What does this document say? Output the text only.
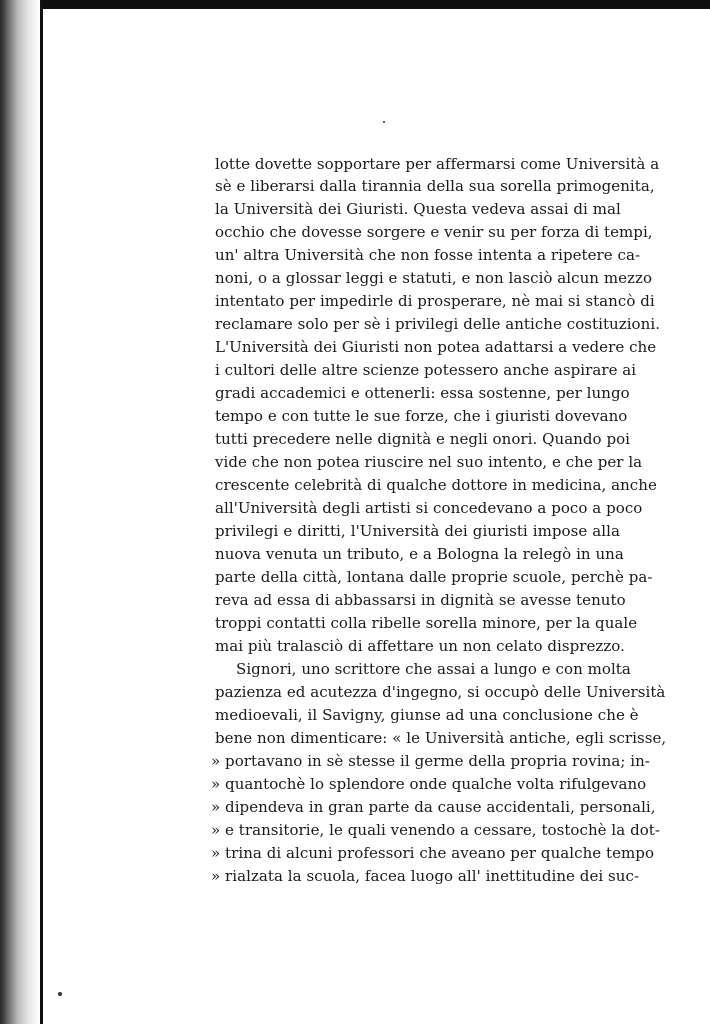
lotte dovette sopportare per affermarsi come Università a
sè e liberarsi dalla tirannia della sua sorella primogenita,
la Università dei Giuristi. Questa vedeva assai di mal
occhio che dovesse sorgere e venir su per forza di tempi,
un' altra Università che non fosse intenta a ripetere ca-
noni, o a glossar leggi e statuti, e non lasciò alcun mezzo
intentato per impedirle di prosperare, nè mai si stancò di
reclamare solo per sè i privilegi delle antiche costituzioni.
L'Università dei Giuristi non potea adattarsi a vedere che
i cultori delle altre scienze potessero anche aspirare ai
gradi accademici e ottenerli: essa sostenne, per lungo
tempo e con tutte le sue forze, che i giuristi dovevano
tutti precedere nelle dignità e negli onori. Quando poi
vide che non potea riuscire nel suo intento, e che per la
crescente celebrità di qualche dottore in medicina, anche
all'Università degli artisti si concedevano a poco a poco
privilegi e diritti, l'Università dei giuristi impose alla
nuova venuta un tributo, e a Bologna la relegò in una
parte della città, lontana dalle proprie scuole, perchè pa-
reva ad essa di abbassarsi in dignità se avesse tenuto
troppi contatti colla ribelle sorella minore, per la quale
mai più tralasciò di affettare un non celato disprezzo.
Signori, uno scrittore che assai a lungo e con molta
pazienza ed acutezza d'ingegno, si occupò delle Università
medioevali, il Savigny, giunse ad una conclusione che è
bene non dimenticare: « le Università antiche, egli scrisse,
» portavano in sè stesse il germe della propria rovina; in-
» quantochè lo splendore onde qualche volta rifulgevano
» dipendeva in gran parte da cause accidentali, personali,
» e transitorie, le quali venendo a cessare, tostochè la dot-
» trina di alcuni professori che aveano per qualche tempo
» rialzata la scuola, facea luogo all' inettitudine dei suc-
